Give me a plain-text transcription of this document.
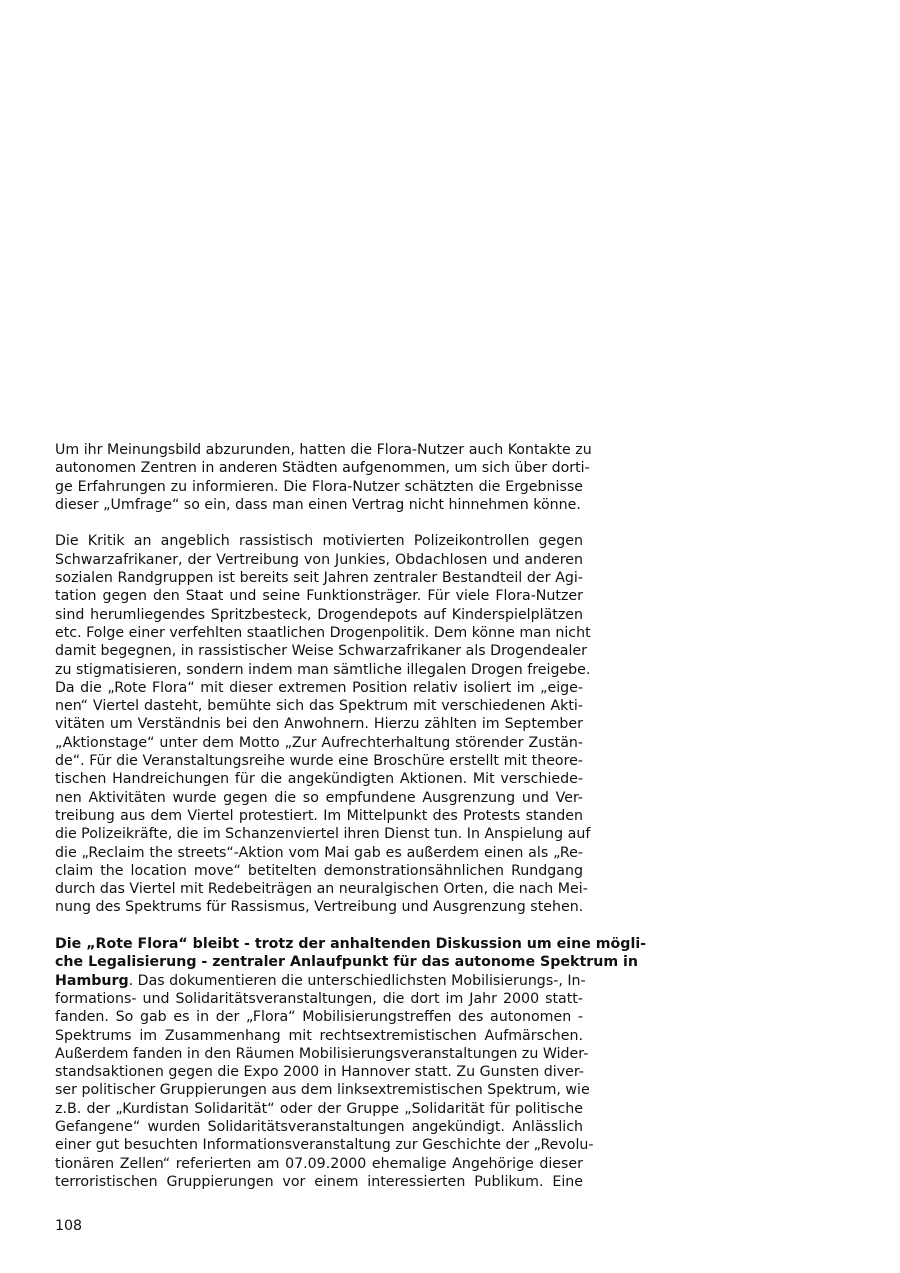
Um ihr Meinungsbild abzurunden, hatten die Flora-Nutzer auch Kontakte zu
autonomen Zentren in anderen Städten aufgenommen, um sich über dorti-
ge Erfahrungen zu informieren. Die Flora-Nutzer schätzten die Ergebnisse
dieser „Umfrage“ so ein, dass man einen Vertrag nicht hinnehmen könne.

Die Kritik an angeblich rassistisch motivierten Polizeikontrollen gegen
Schwarzafrikaner, der Vertreibung von Junkies, Obdachlosen und anderen
sozialen Randgruppen ist bereits seit Jahren zentraler Bestandteil der Agi-
tation gegen den Staat und seine Funktionsträger. Für viele Flora-Nutzer
sind herumliegendes Spritzbesteck, Drogendepots auf Kinderspielplätzen
etc. Folge einer verfehlten staatlichen Drogenpolitik. Dem könne man nicht
damit begegnen, in rassistischer Weise Schwarzafrikaner als Drogendealer
zu stigmatisieren, sondern indem man sämtliche illegalen Drogen freigebe.

Da die „Rote Flora“ mit dieser extremen Position relativ isoliert im „eige-
nen“ Viertel dasteht, bemühte sich das Spektrum mit verschiedenen Akti-
vitäten um Verständnis bei den Anwohnern. Hierzu zählten im September
„Aktionstage“ unter dem Motto „Zur Aufrechterhaltung störender Zustän-
de“. Für die Veranstaltungsreihe wurde eine Broschüre erstellt mit theore-
tischen Handreichungen für die angekündigten Aktionen. Mit verschiede-
nen Aktivitäten wurde gegen die so empfundene Ausgrenzung und Ver-
treibung aus dem Viertel protestiert. Im Mittelpunkt des Protests standen
die Polizeikräfte, die im Schanzenviertel ihren Dienst tun. In Anspielung auf
die „Reclaim the streets“-Aktion vom Mai gab es außerdem einen als „Re-
claim the location move“ betitelten demonstrationsähnlichen Rundgang
durch das Viertel mit Redebeiträgen an neuralgischen Orten, die nach Mei-
nung des Spektrums für Rassismus, Vertreibung und Ausgrenzung stehen.

Die „Rote Flora“ bleibt - trotz der anhaltenden Diskussion um eine mögli-
che Legalisierung - zentraler Anlaufpunkt für das autonome Spektrum in
Hamburg. Das dokumentieren die unterschiedlichsten Mobilisierungs-, In-
formations- und Solidaritätsveranstaltungen, die dort im Jahr 2000 statt-
fanden. So gab es in der „Flora“ Mobilisierungstreffen des autonomen -
Spektrums im Zusammenhang mit rechtsextremistischen Aufmärschen.
Außerdem fanden in den Räumen Mobilisierungsveranstaltungen zu Wider-
standsaktionen gegen die Expo 2000 in Hannover statt. Zu Gunsten diver-
ser politischer Gruppierungen aus dem linksextremistischen Spektrum, wie
z.B. der „Kurdistan Solidarität“ oder der Gruppe „Solidarität für politische
Gefangene“ wurden Solidaritätsveranstaltungen angekündigt. Anlässlich
einer gut besuchten Informationsveranstaltung zur Geschichte der „Revolu-
tionären Zellen“ referierten am 07.09.2000 ehemalige Angehörige dieser
terroristischen Gruppierungen vor einem interessierten Publikum. Eine

108
